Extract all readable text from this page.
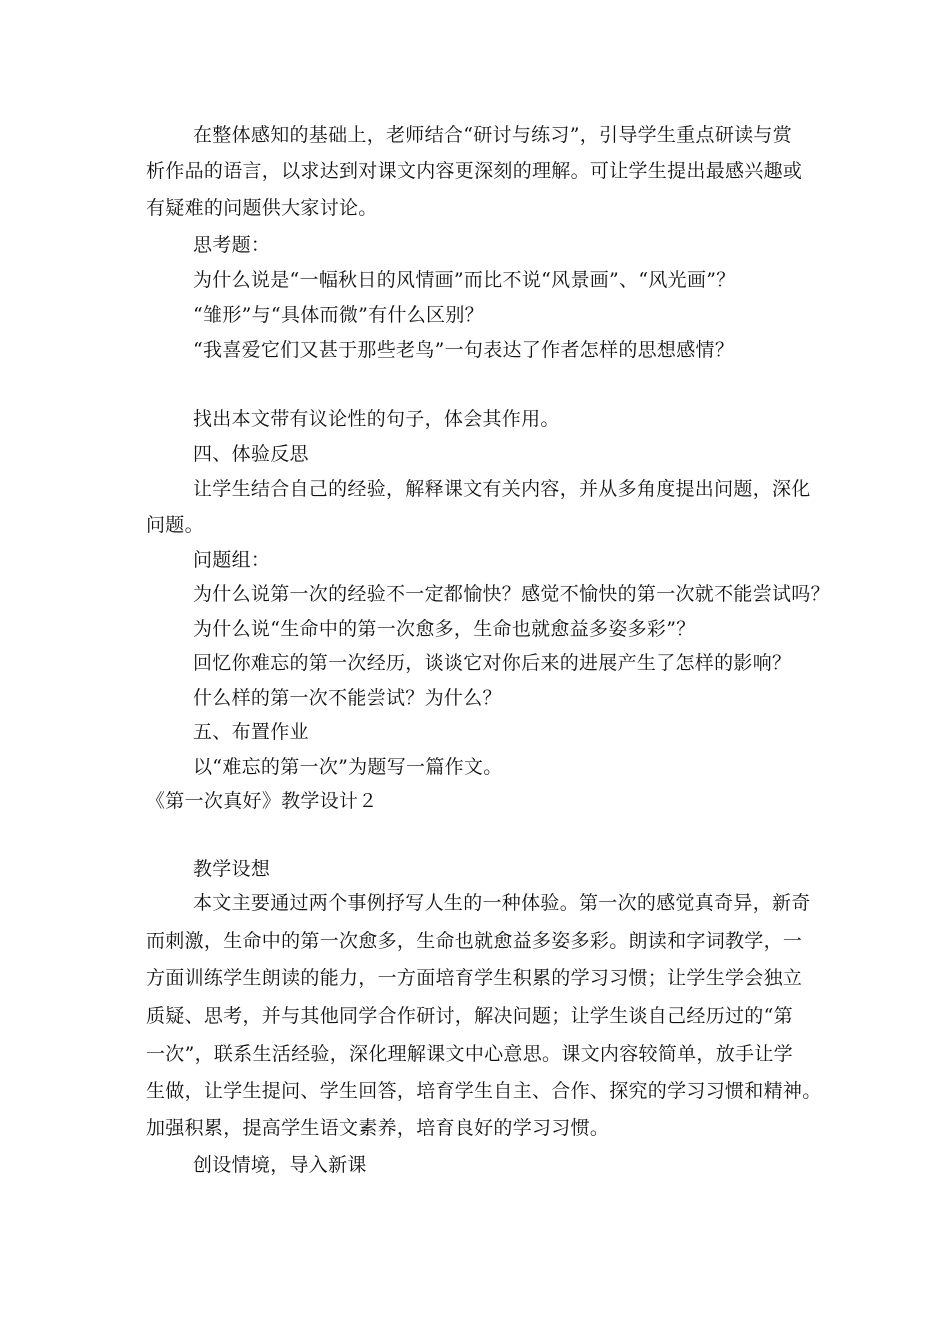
在整体感知的基础上，老师结合“研讨与练习”，引导学生重点研读与赏
析作品的语言，以求达到对课文内容更深刻的理解。可让学生提出最感兴趣或
有疑难的问题供大家讨论。
思考题：
为什么说是“一幅秋日的风情画”而比不说“风景画”、“风光画”？
“雏形”与“具体而微”有什么区别？
“我喜爱它们又甚于那些老鸟”一句表达了作者怎样的思想感情？
找出本文带有议论性的句子，体会其作用。
四、体验反思
让学生结合自己的经验，解释课文有关内容，并从多角度提出问题，深化
问题。
问题组：
为什么说第一次的经验不一定都愉快？感觉不愉快的第一次就不能尝试吗？
为什么说“生命中的第一次愈多，生命也就愈益多姿多彩”？
回忆你难忘的第一次经历，谈谈它对你后来的进展产生了怎样的影响？
什么样的第一次不能尝试？为什么？
五、布置作业
以“难忘的第一次”为题写一篇作文。
《第一次真好》教学设计２
教学设想
本文主要通过两个事例抒写人生的一种体验。第一次的感觉真奇异，新奇
而刺激，生命中的第一次愈多，生命也就愈益多姿多彩。朗读和字词教学，一
方面训练学生朗读的能力，一方面培育学生积累的学习习惯；让学生学会独立
质疑、思考，并与其他同学合作研讨，解决问题；让学生谈自己经历过的“第
一次”，联系生活经验，深化理解课文中心意思。课文内容较简单，放手让学
生做，让学生提问、学生回答，培育学生自主、合作、探究的学习习惯和精神。
加强积累，提高学生语文素养，培育良好的学习习惯。
创设情境，导入新课
